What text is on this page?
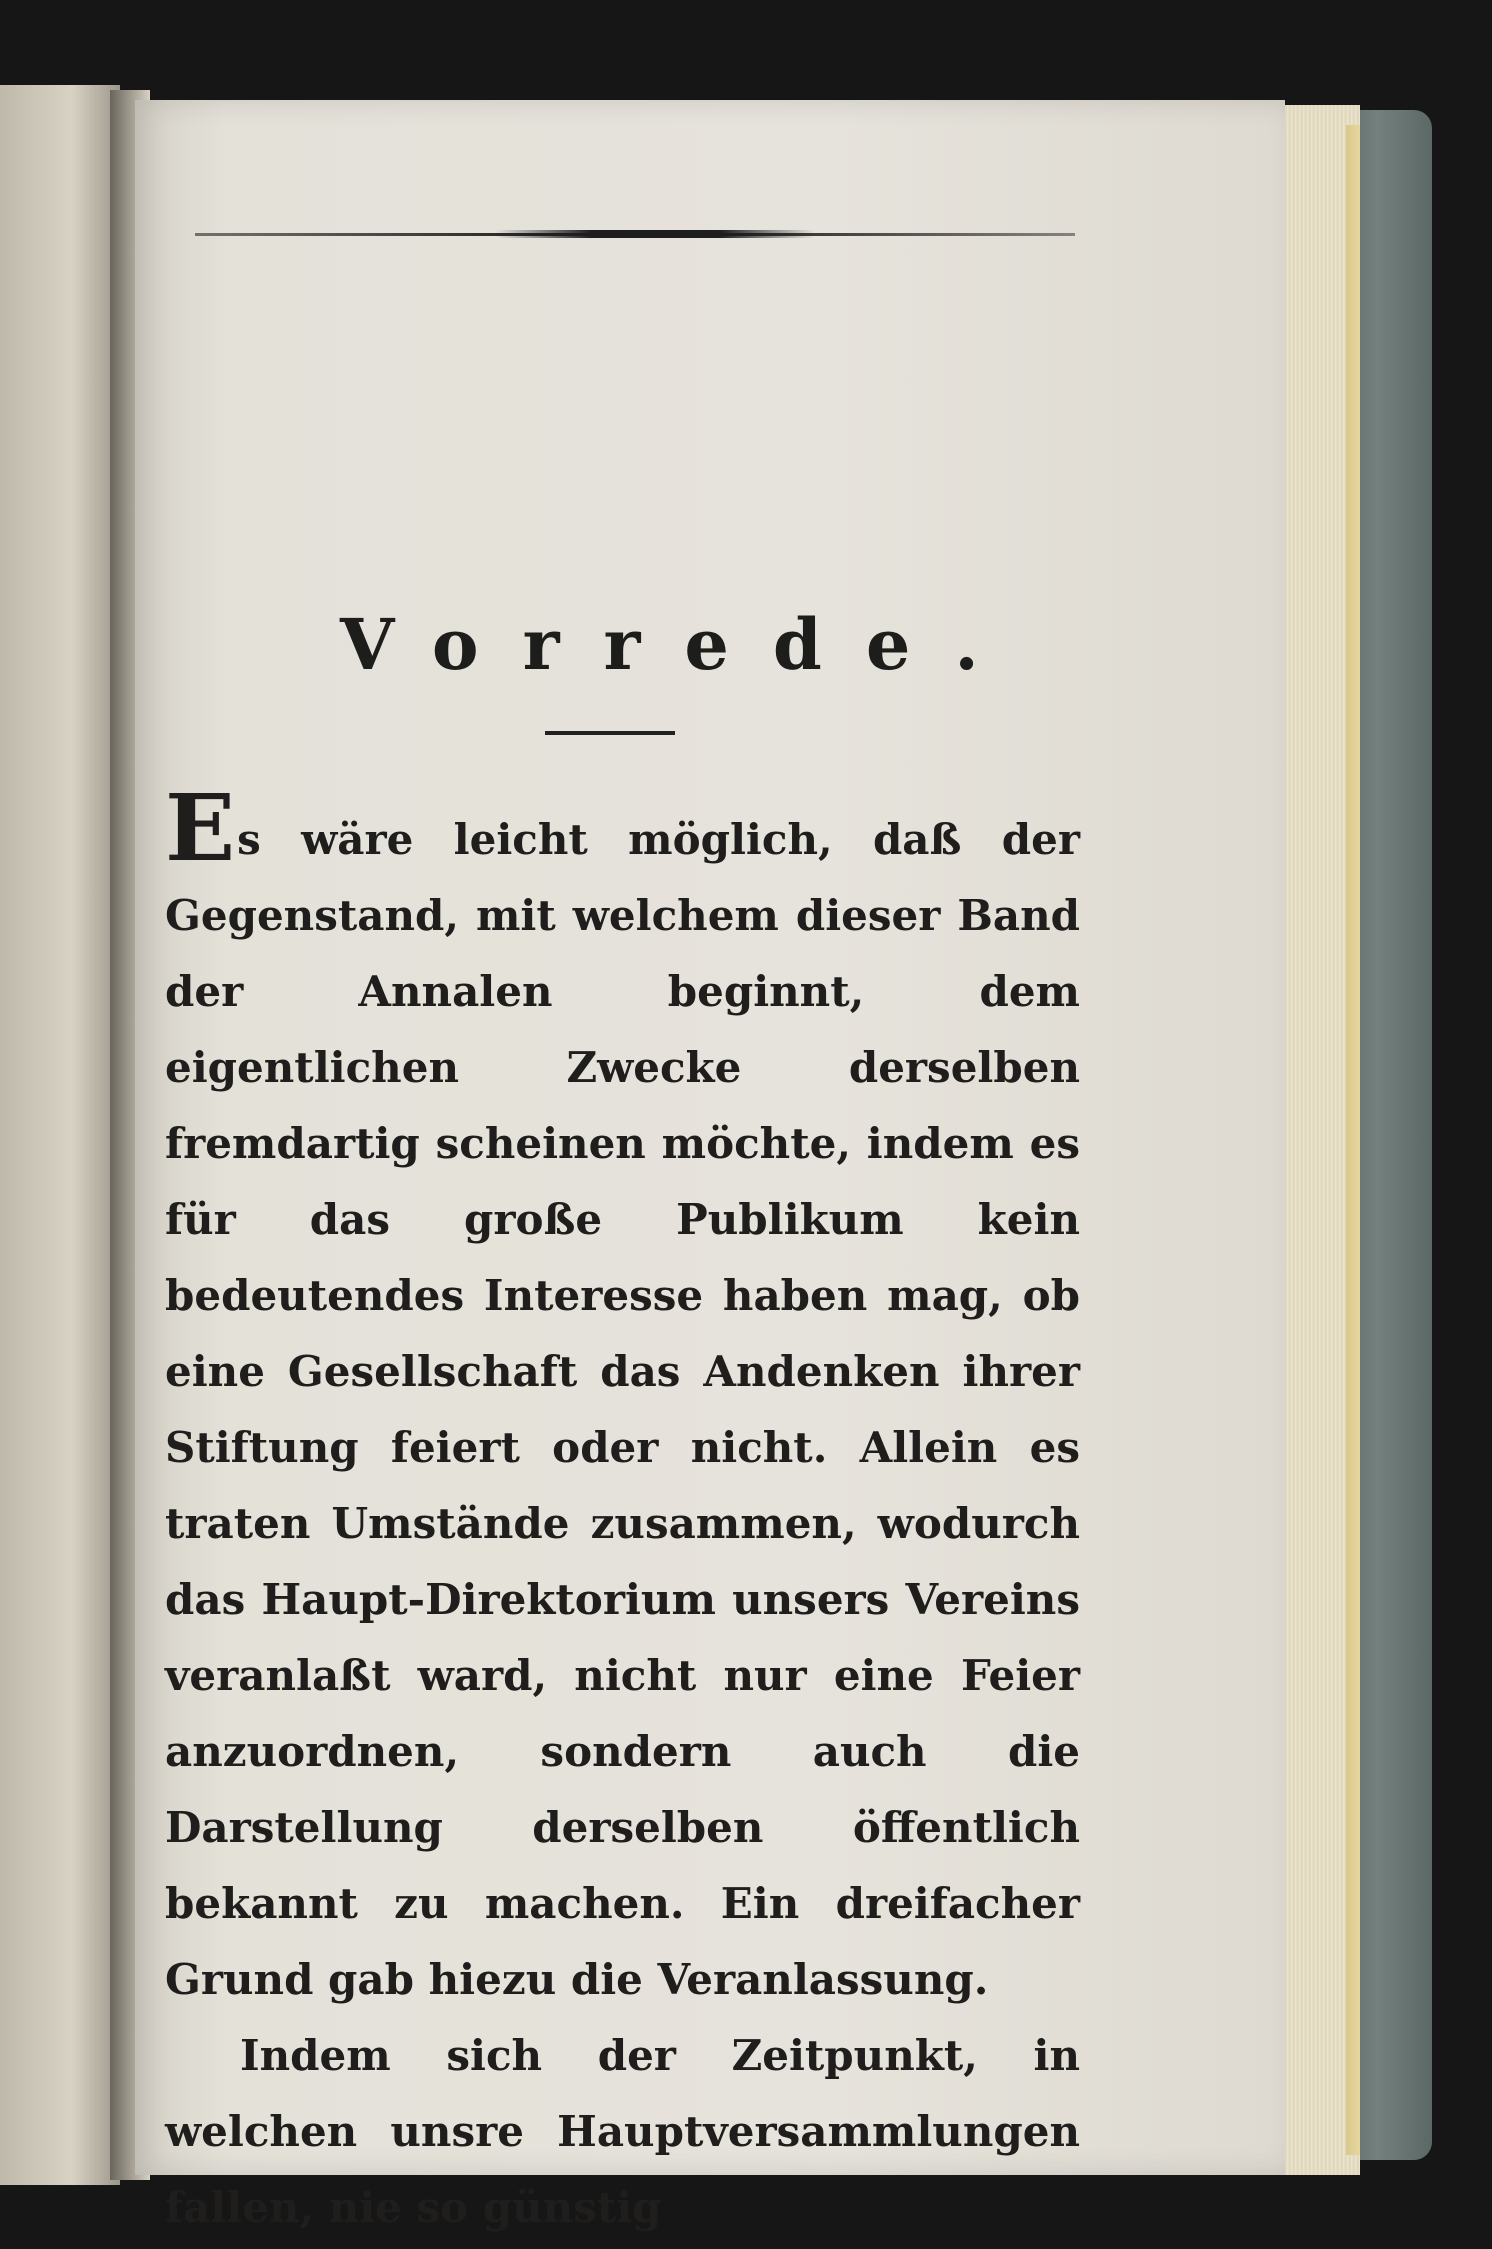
Vorrede.

Es wäre leicht möglich, daß der Gegenstand, mit welchem dieser Band der Annalen beginnt, dem eigentlichen Zwecke derselben fremdartig scheinen möchte, indem es für das große Publikum kein bedeutendes Interesse haben mag, ob eine Gesellschaft das Andenken ihrer Stiftung feiert oder nicht. Allein es traten Umstände zusammen, wodurch das Haupt-Direktorium unsers Vereins veranlaßt ward, nicht nur eine Feier anzuordnen, sondern auch die Darstellung derselben öffentlich bekannt zu machen. Ein dreifacher Grund gab hiezu die Veranlassung.

Indem sich der Zeitpunkt, in welchen unsre Hauptversammlungen fallen, nie so günstig
